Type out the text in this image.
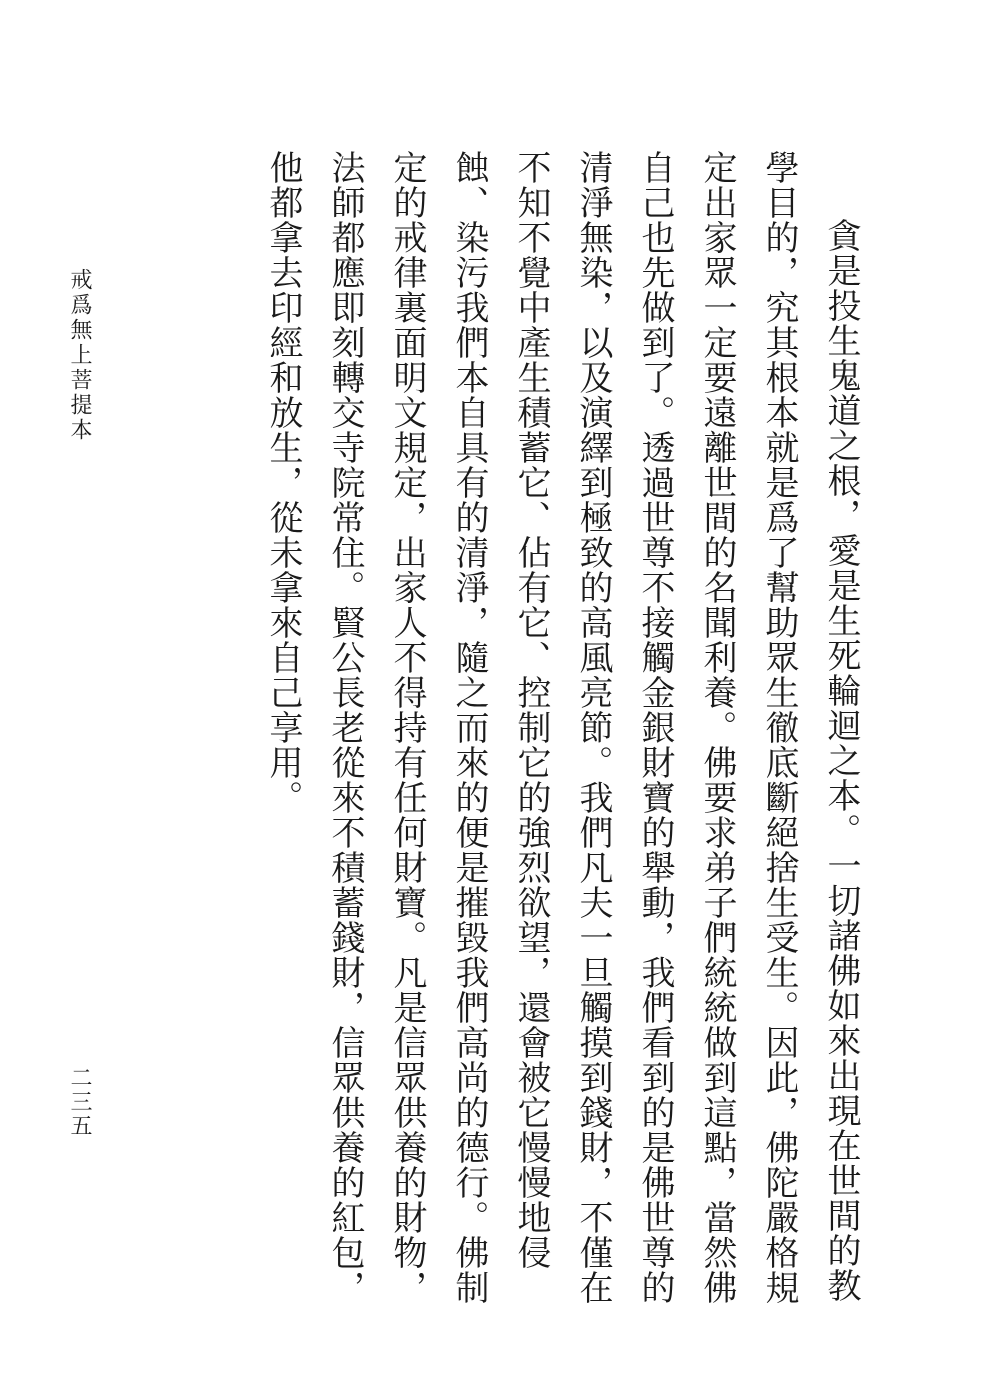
貪是投生鬼道之根，愛是生死輪迴之本。一切諸佛如來出現在世間的教學目的，究其根本就是爲了幫助眾生徹底斷絕捨生受生。因此，佛陀嚴格規定出家眾一定要遠離世間的名聞利養。佛要求弟子們統統做到這點，當然佛自己也先做到了。透過世尊不接觸金銀財寶的舉動，我們看到的是佛世尊的清淨無染，以及演繹到極致的高風亮節。我們凡夫一旦觸摸到錢財，不僅在不知不覺中產生積蓄它、佔有它、控制它的強烈欲望，還會被它慢慢地侵蝕、染污我們本自具有的清淨，隨之而來的便是摧毀我們高尚的德行。佛制定的戒律裏面明文規定，出家人不得持有任何財寶。凡是信眾供養的財物，法師都應即刻轉交寺院常住。賢公長老從來不積蓄錢財，信眾供養的紅包，他都拿去印經和放生，從未拿來自己享用。

戒爲無上菩提本
二三五
